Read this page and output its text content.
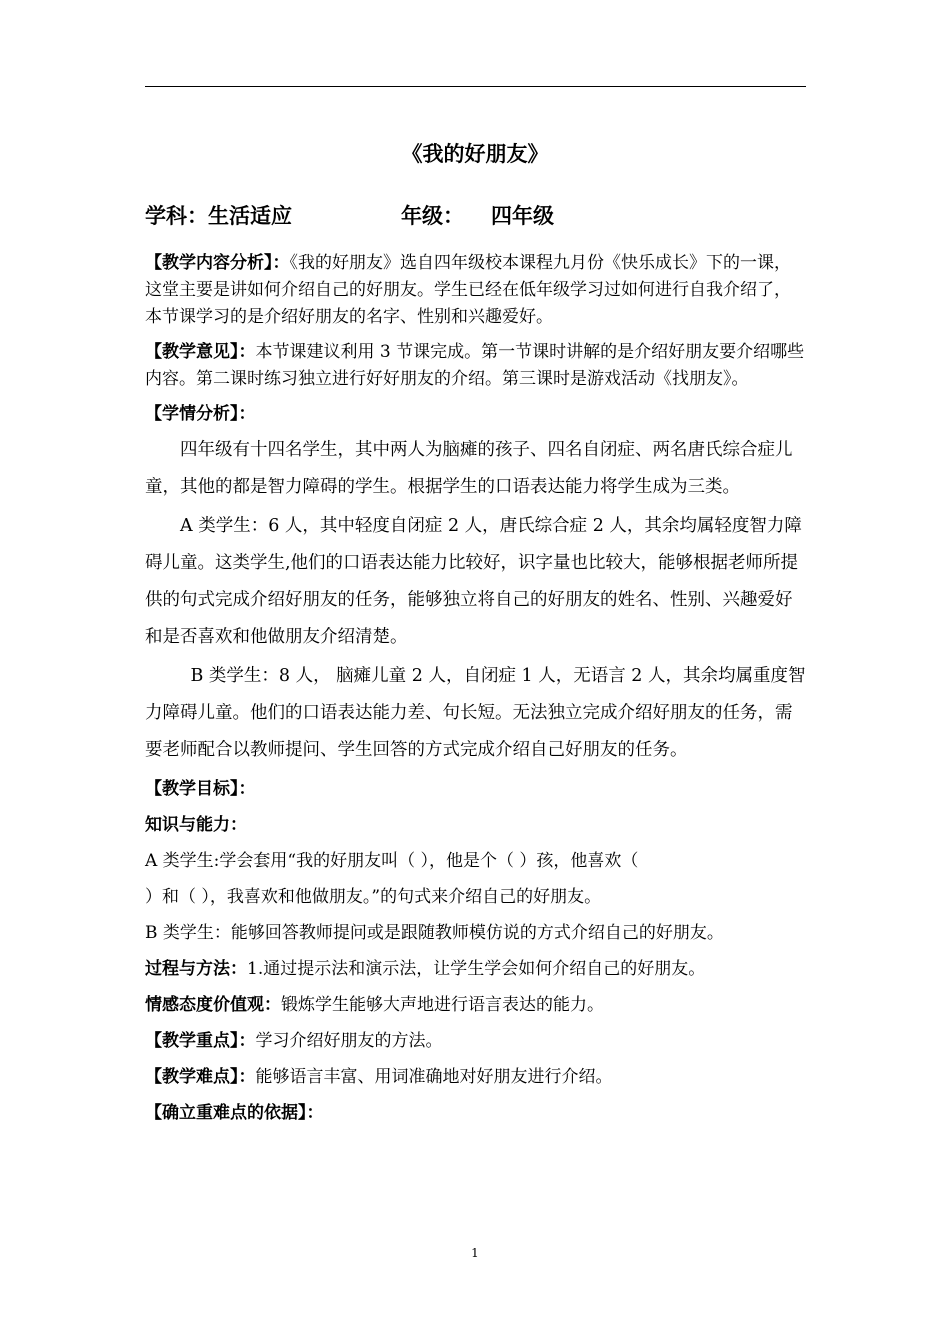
《我的好朋友》
学科：生活适应	年级： 四年级

【教学内容分析】：《我的好朋友》选自四年级校本课程九月份《快乐成长》下的一课，这堂主要是讲如何介绍自己的好朋友。学生已经在低年级学习过如何进行自我介绍了，本节课学习的是介绍好朋友的名字、性别和兴趣爱好。

【教学意见】：本节课建议利用 3 节课完成。第一节课时讲解的是介绍好朋友要介绍哪些内容。第二课时练习独立进行好好朋友的介绍。第三课时是游戏活动《找朋友》。

【学情分析】：

四年级有十四名学生，其中两人为脑瘫的孩子、四名自闭症、两名唐氏综合症儿童，其他的都是智力障碍的学生。根据学生的口语表达能力将学生成为三类。

A 类学生：6 人，其中轻度自闭症 2 人，唐氏综合症 2 人，其余均属轻度智力障碍儿童。这类学生,他们的口语表达能力比较好，识字量也比较大，能够根据老师所提供的句式完成介绍好朋友的任务，能够独立将自己的好朋友的姓名、性别、兴趣爱好和是否喜欢和他做朋友介绍清楚。

B 类学生：8 人， 脑瘫儿童 2 人，自闭症 1 人，无语言 2 人，其余均属重度智力障碍儿童。他们的口语表达能力差、句长短。无法独立完成介绍好朋友的任务，需要老师配合以教师提问、学生回答的方式完成介绍自己好朋友的任务。

【教学目标】：

知识与能力：

A 类学生:学会套用“我的好朋友叫（ ），他是个（ ）孩，他喜欢（

）和（ ），我喜欢和他做朋友。”的句式来介绍自己的好朋友。

B 类学生：能够回答教师提问或是跟随教师模仿说的方式介绍自己的好朋友。

过程与方法：1.通过提示法和演示法，让学生学会如何介绍自己的好朋友。

情感态度价值观：锻炼学生能够大声地进行语言表达的能力。

【教学重点】：学习介绍好朋友的方法。

【教学难点】：能够语言丰富、用词准确地对好朋友进行介绍。

【确立重难点的依据】：

1
